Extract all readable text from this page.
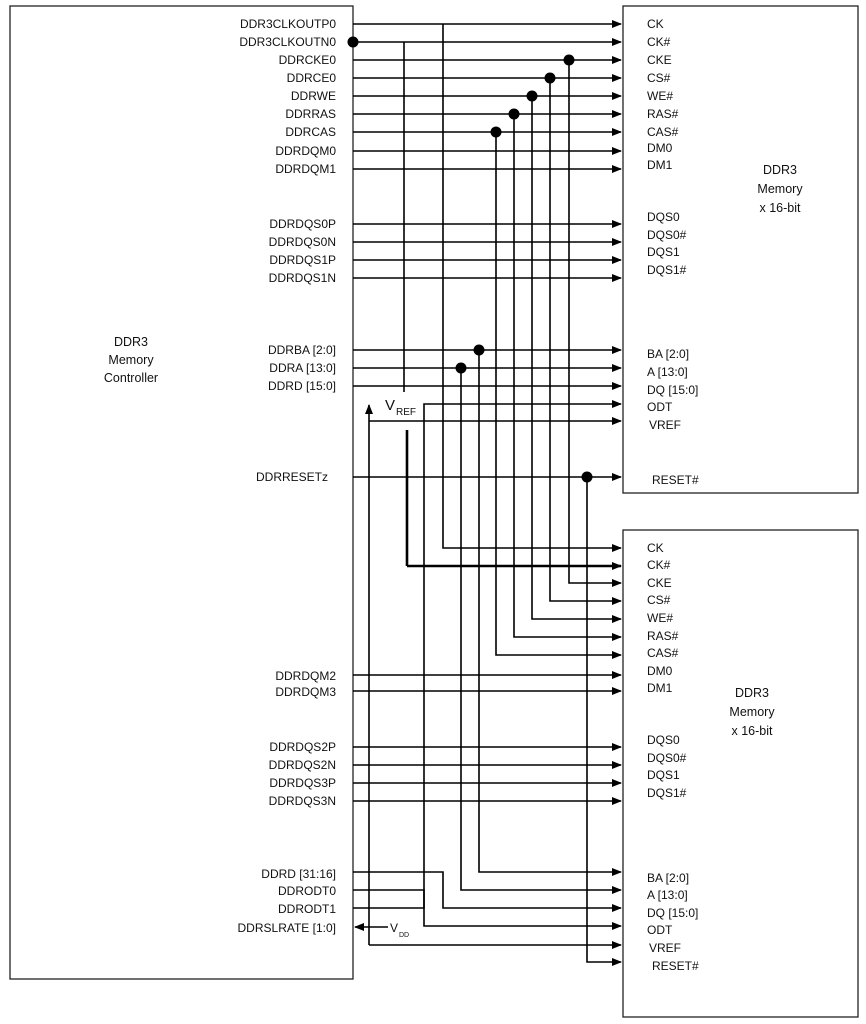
DDR3
Memory
Controller
DDR3
Memory
x 16-bit
DDR3
Memory
x 16-bit
DDR3CLKOUTP0
DDR3CLKOUTN0
DDRCKE0
DDRCE0
DDRWE
DDRRAS
DDRCAS
DDRDQM0
DDRDQM1
DDRDQS0P
DDRDQS0N
DDRDQS1P
DDRDQS1N
DDRBA [2:0]
DDRA [13:0]
DDRD [15:0]
DDRRESETz
DDRDQM2
DDRDQM3
DDRDQS2P
DDRDQS2N
DDRDQS3P
DDRDQS3N
DDRD [31:16]
DDRODT0
DDRODT1
DDRSLRATE [1:0]
CK
CK#
CKE
CS#
WE#
RAS#
CAS#
DM0
DM1
DQS0
DQS0#
DQS1
DQS1#
BA [2:0]
A [13:0]
DQ [15:0]
ODT
VREF
RESET#
CK
CK#
CKE
CS#
WE#
RAS#
CAS#
DM0
DM1
DQS0
DQS0#
DQS1
DQS1#
BA [2:0]
A [13:0]
DQ [15:0]
ODT
VREF
RESET#
V REF
V
DD
